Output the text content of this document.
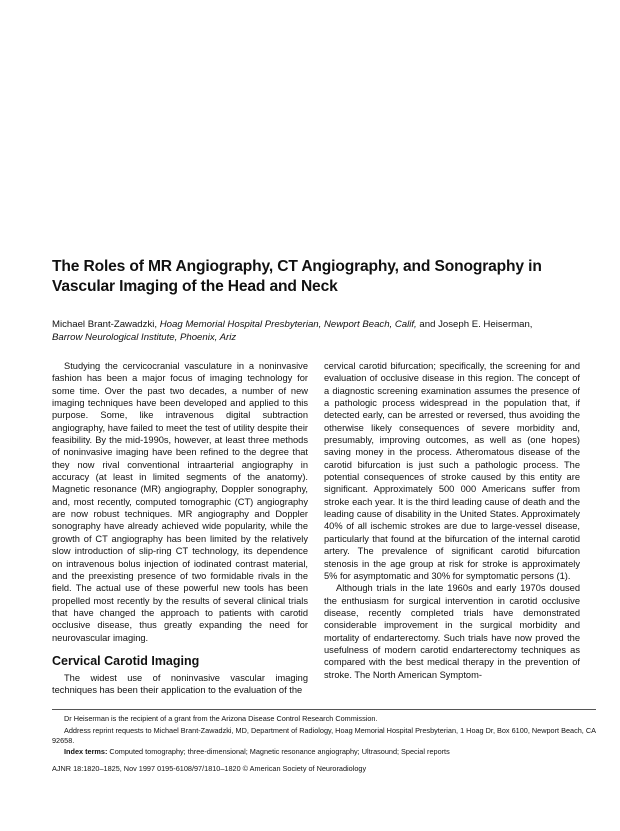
The Roles of MR Angiography, CT Angiography, and Sonography in Vascular Imaging of the Head and Neck

Michael Brant-Zawadzki, Hoag Memorial Hospital Presbyterian, Newport Beach, Calif, and Joseph E. Heiserman,
Barrow Neurological Institute, Phoenix, Ariz

Studying the cervicocranial vasculature in a noninvasive fashion has been a major focus of imaging technology for some time. Over the past two decades, a number of new imaging techniques have been developed and applied to this purpose. Some, like intravenous digital subtraction angiography, have failed to meet the test of utility despite their feasibility. By the mid-1990s, however, at least three methods of noninvasive imaging have been refined to the degree that they now rival conventional intraarterial angiography in accuracy (at least in limited segments of the anatomy). Magnetic resonance (MR) angiography, Doppler sonography, and, most recently, computed tomographic (CT) angiography are now robust techniques. MR angiography and Doppler sonography have already achieved wide popularity, while the growth of CT angiography has been limited by the relatively slow introduction of slip-ring CT technology, its dependence on intravenous bolus injection of iodinated contrast material, and the preexisting presence of two formidable rivals in the field. The actual use of these powerful new tools has been propelled most recently by the results of several clinical trials that have changed the approach to patients with carotid occlusive disease, thus greatly expanding the need for neurovascular imaging.

Cervical Carotid Imaging

The widest use of noninvasive vascular imaging techniques has been their application to the evaluation of the

cervical carotid bifurcation; specifically, the screening for and evaluation of occlusive disease in this region. The concept of a diagnostic screening examination assumes the presence of a pathologic process widespread in the population that, if detected early, can be arrested or reversed, thus avoiding the otherwise likely consequences of severe morbidity and, presumably, improving outcomes, as well as (one hopes) saving money in the process. Atheromatous disease of the carotid bifurcation is just such a pathologic process. The potential consequences of stroke caused by this entity are significant. Approximately 500 000 Americans suffer from stroke each year. It is the third leading cause of death and the leading cause of disability in the United States. Approximately 40% of all ischemic strokes are due to large-vessel disease, particularly that found at the bifurcation of the internal carotid artery. The prevalence of significant carotid bifurcation stenosis in the age group at risk for stroke is approximately 5% for asymptomatic and 30% for symptomatic persons (1).

Although trials in the late 1960s and early 1970s doused the enthusiasm for surgical intervention in carotid occlusive disease, recently completed trials have demonstrated considerable improvement in the surgical morbidity and mortality of endarterectomy. Such trials have now proved the usefulness of modern carotid endarterectomy techniques as compared with the best medical therapy in the prevention of stroke. The North American Symptom-

Dr Heiserman is the recipient of a grant from the Arizona Disease Control Research Commission.

Address reprint requests to Michael Brant-Zawadzki, MD, Department of Radiology, Hoag Memorial Hospital Presbyterian, 1 Hoag Dr, Box 6100, Newport Beach, CA 92658.

Index terms: Computed tomography; three-dimensional; Magnetic resonance angiography; Ultrasound; Special reports

AJNR 18:1820–1825, Nov 1997 0195-6108/97/1810–1820 © American Society of Neuroradiology
